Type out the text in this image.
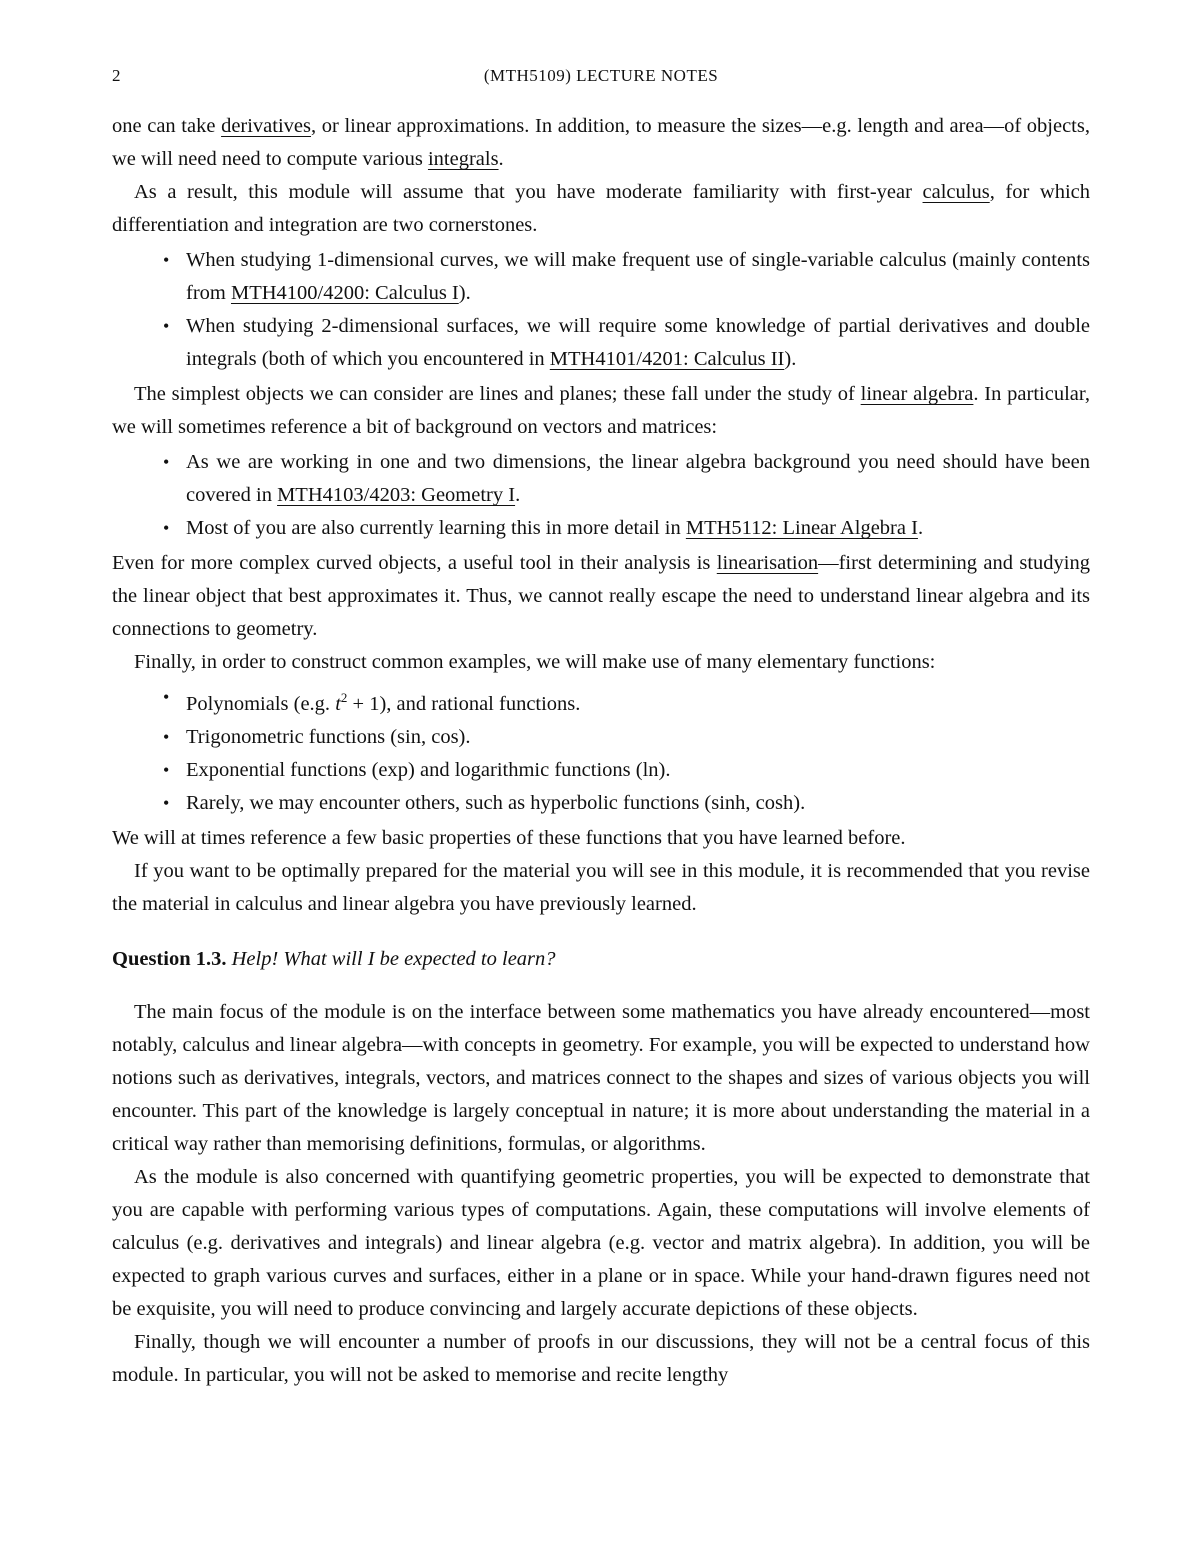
2	(MTH5109) LECTURE NOTES

one can take derivatives, or linear approximations. In addition, to measure the sizes—e.g. length and area—of objects, we will need need to compute various integrals.

As a result, this module will assume that you have moderate familiarity with first-year calculus, for which differentiation and integration are two cornerstones.

• When studying 1-dimensional curves, we will make frequent use of single-variable calculus (mainly contents from MTH4100/4200: Calculus I).
• When studying 2-dimensional surfaces, we will require some knowledge of partial derivatives and double integrals (both of which you encountered in MTH4101/4201: Calculus II).

The simplest objects we can consider are lines and planes; these fall under the study of linear algebra. In particular, we will sometimes reference a bit of background on vectors and matrices:

• As we are working in one and two dimensions, the linear algebra background you need should have been covered in MTH4103/4203: Geometry I.
• Most of you are also currently learning this in more detail in MTH5112: Linear Algebra I.

Even for more complex curved objects, a useful tool in their analysis is linearisation—first determining and studying the linear object that best approximates it. Thus, we cannot really escape the need to understand linear algebra and its connections to geometry.

Finally, in order to construct common examples, we will make use of many elementary functions:

• Polynomials (e.g. $t^2 + 1$), and rational functions.
• Trigonometric functions (sin, cos).
• Exponential functions (exp) and logarithmic functions (ln).
• Rarely, we may encounter others, such as hyperbolic functions (sinh, cosh).

We will at times reference a few basic properties of these functions that you have learned before.

If you want to be optimally prepared for the material you will see in this module, it is recommended that you revise the material in calculus and linear algebra you have previously learned.

Question 1.3. Help! What will I be expected to learn?

The main focus of the module is on the interface between some mathematics you have already encountered—most notably, calculus and linear algebra—with concepts in geometry. For example, you will be expected to understand how notions such as derivatives, integrals, vectors, and matrices connect to the shapes and sizes of various objects you will encounter. This part of the knowledge is largely conceptual in nature; it is more about understanding the material in a critical way rather than memorising definitions, formulas, or algorithms.

As the module is also concerned with quantifying geometric properties, you will be expected to demonstrate that you are capable with performing various types of computations. Again, these computations will involve elements of calculus (e.g. derivatives and integrals) and linear algebra (e.g. vector and matrix algebra). In addition, you will be expected to graph various curves and surfaces, either in a plane or in space. While your hand-drawn figures need not be exquisite, you will need to produce convincing and largely accurate depictions of these objects.

Finally, though we will encounter a number of proofs in our discussions, they will not be a central focus of this module. In particular, you will not be asked to memorise and recite lengthy
